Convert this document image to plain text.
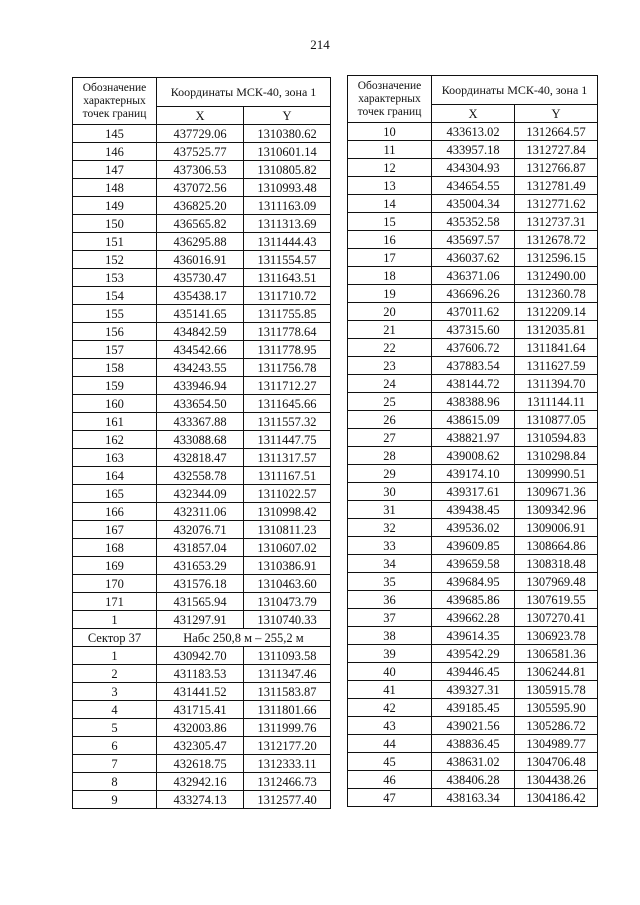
214
Обозначение характерных точек границ	Координаты МСК-40, зона 1	
	X	Y
145	437729.06	1310380.62
146	437525.77	1310601.14
147	437306.53	1310805.82
148	437072.56	1310993.48
149	436825.20	1311163.09
150	436565.82	1311313.69
151	436295.88	1311444.43
152	436016.91	1311554.57
153	435730.47	1311643.51
154	435438.17	1311710.72
155	435141.65	1311755.85
156	434842.59	1311778.64
157	434542.66	1311778.95
158	434243.55	1311756.78
159	433946.94	1311712.27
160	433654.50	1311645.66
161	433367.88	1311557.32
162	433088.68	1311447.75
163	432818.47	1311317.57
164	432558.78	1311167.51
165	432344.09	1311022.57
166	432311.06	1310998.42
167	432076.71	1310811.23
168	431857.04	1310607.02
169	431653.29	1310386.91
170	431576.18	1310463.60
171	431565.94	1310473.79
1	431297.91	1310740.33
Сектор 37	Набс 250,8 м – 255,2 м	
1	430942.70	1311093.58
2	431183.53	1311347.46
3	431441.52	1311583.87
4	431715.41	1311801.66
5	432003.86	1311999.76
6	432305.47	1312177.20
7	432618.75	1312333.11
8	432942.16	1312466.73
9	433274.13	1312577.40
Обозначение характерных точек границ	Координаты МСК-40, зона 1	
	X	Y
10	433613.02	1312664.57
11	433957.18	1312727.84
12	434304.93	1312766.87
13	434654.55	1312781.49
14	435004.34	1312771.62
15	435352.58	1312737.31
16	435697.57	1312678.72
17	436037.62	1312596.15
18	436371.06	1312490.00
19	436696.26	1312360.78
20	437011.62	1312209.14
21	437315.60	1312035.81
22	437606.72	1311841.64
23	437883.54	1311627.59
24	438144.72	1311394.70
25	438388.96	1311144.11
26	438615.09	1310877.05
27	438821.97	1310594.83
28	439008.62	1310298.84
29	439174.10	1309990.51
30	439317.61	1309671.36
31	439438.45	1309342.96
32	439536.02	1309006.91
33	439609.85	1308664.86
34	439659.58	1308318.48
35	439684.95	1307969.48
36	439685.86	1307619.55
37	439662.28	1307270.41
38	439614.35	1306923.78
39	439542.29	1306581.36
40	439446.45	1306244.81
41	439327.31	1305915.78
42	439185.45	1305595.90
43	439021.56	1305286.72
44	438836.45	1304989.77
45	438631.02	1304706.48
46	438406.28	1304438.26
47	438163.34	1304186.42
